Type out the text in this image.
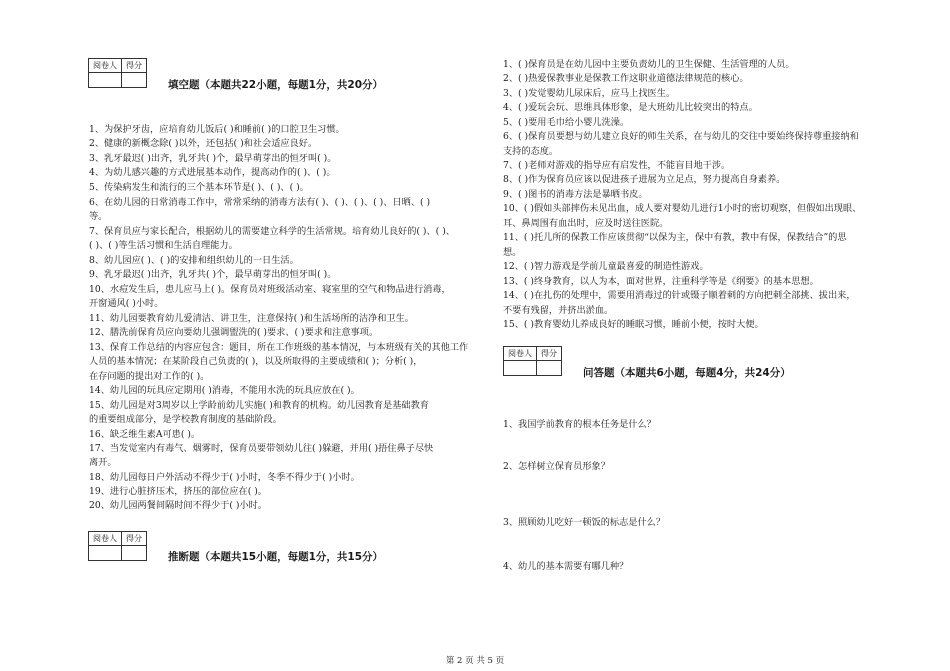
阅卷人	得分

填空题（本题共22小题，每题1分，共20分）
1、为保护牙齿，应培育幼儿饭后( )和睡前( )的口腔卫生习惯。
2、健康的新概念除( )以外，还包括( )和社会适应良好。
3、乳牙最迟( )出齐，乳牙共( )个，最早萌芽出的恒牙叫( )。
4、为幼儿感兴趣的方式进展基本动作，提高动作的( )、( )。
5、传染病发生和流行的三个基本环节是( )、( )、( )。
6、在幼儿园的日常消毒工作中，常常采纳的消毒方法有( )、( )、( )、( )、日晒、( )
等。
7、保育员应与家长配合，根据幼儿的需要建立科学的生活常规。培育幼儿良好的( )、( )、
( )、( )等生活习惯和生活自理能力。
8、幼儿园应( )、( )的安排和组织幼儿的一日生活。
9、乳牙最迟( )出齐，乳牙共( )个，最早萌芽出的恒牙叫( )。
10、水痘发生后，患儿应马上( )。保育员对班级活动室、寝室里的空气和物品进行消毒，
开窗通风( )小时。
11、幼儿园要教育幼儿爱清洁、讲卫生，注意保持( )和生活场所的洁净和卫生。
12、膳洗前保育员应向要幼儿强调盥洗的( )要求、( )要求和注意事项。
13、保育工作总结的内容应包含：题目，所在工作班级的基本情况，与本班级有关的其他工作
人员的基本情况；在某阶段自己负责的( )，以及所取得的主要成绩和( )；分析( )，
在存问题的提出对工作的( )。
14、幼儿园的玩具应定期用( )消毒，不能用水洗的玩具应放在( )。
15、幼儿园是对3周岁以上学龄前幼儿实施( )和教育的机构。幼儿园教育是基础教育
的重要组成部分，是学校教育制度的基础阶段。
16、缺乏维生素A可患( )。
17、当发觉室内有毒气、烟雾时，保育员要带领幼儿往( )躲避，并用( )捂住鼻子尽快
离开。
18、幼儿园每日户外活动不得少于( )小时，冬季不得少于( )小时。
19、进行心脏挤压术，挤压的部位应在( )。
20、幼儿园两餐间隔时间不得少于( )小时。
阅卷人	得分

推断题（本题共15小题，每题1分，共15分）
1、( )保育员是在幼儿园中主要负责幼儿的卫生保健、生活管理的人员。
2、( )热爱保教事业是保教工作这职业道德法律规范的核心。
3、( )发觉婴幼儿尿床后，应马上找医生。
4、( )爱玩会玩、思维具体形象，是大班幼儿比较突出的特点。
5、( )要用毛巾给小婴儿洗澡。
6、( )保育员要想与幼儿建立良好的师生关系，在与幼儿的交往中要始终保持尊重接纳和
支持的态度。
7、( )老师对游戏的指导应有启发性，不能盲目地干涉。
8、( )作为保育员应该以促进孩子进展为立足点，努力提高自身素养。
9、( )图书的消毒方法是暴晒书皮。
10、( )假如头部摔伤未见出血，成人要对婴幼儿进行1小时的密切观察，但假如出现眼、
耳、鼻周围有血出时，应及时送往医院。
11、( )托儿所的保教工作应该贯彻“以保为主，保中有教，教中有保，保教结合”的思
想。
12、( )智力游戏是学前儿童最喜爱的制造性游戏。
13、( )终身教育，以人为本，面对世界，注重科学等是《纲要》的基本思想。
14、( )在扎伤的处理中，需要用消毒过的针或镊子顺着刺的方向把刺全部挑、拔出来，
不要有残留，并挤出淤血。
15、( )教育婴幼儿养成良好的睡眠习惯，睡前小便，按时大便。
阅卷人	得分

问答题（本题共6小题，每题4分，共24分）
1、我国学前教育的根本任务是什么？
2、怎样树立保育员形象？
3、照顾幼儿吃好一顿饭的标志是什么？
4、幼儿的基本需要有哪几种？
第 2 页 共 5 页
